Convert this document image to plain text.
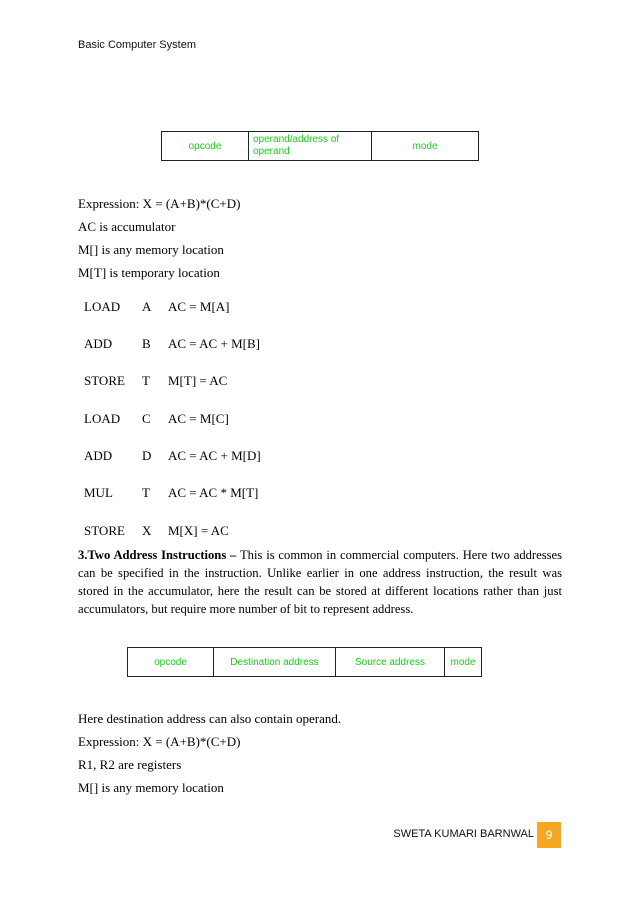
Basic Computer System
opcode	operand/address of operand	mode
Expression: X = (A+B)*(C+D)
AC is accumulator
M[] is any memory location
M[T] is temporary location
LOAD A AC = M[A]
ADD B AC = AC + M[B]
STORE T M[T] = AC
LOAD C AC = M[C]
ADD D AC = AC + M[D]
MUL T AC = AC * M[T]
STORE X M[X] = AC
3.Two Address Instructions – This is common in commercial computers. Here two addresses can be specified in the instruction. Unlike earlier in one address instruction, the result was stored in the accumulator, here the result can be stored at different locations rather than just accumulators, but require more number of bit to represent address.
opcode	Destination address	Source address	mode
Here destination address can also contain operand.
Expression: X = (A+B)*(C+D)
R1, R2 are registers
M[] is any memory location
SWETA KUMARI BARNWAL 9
